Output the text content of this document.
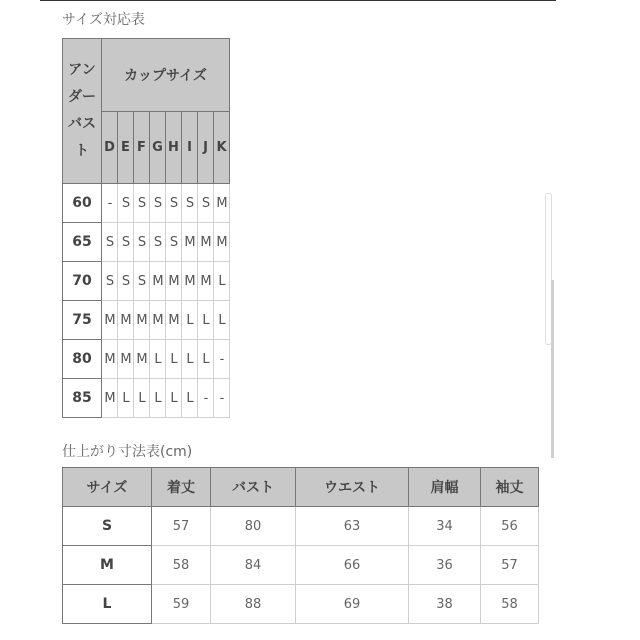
サイズ対応表
アン
ダー
バス
ト	カップサイズ							
	D	E	F	G	H	I	J	K
60	-	S	S	S	S	S	S	M
65	S	S	S	S	S	M	M	M
70	S	S	S	M	M	M	M	L
75	M	M	M	M	M	L	L	L
80	M	M	M	L	L	L	L	-
85	M	L	L	L	L	L	-	-
仕上がり寸法表(cm)
サイズ	着丈	バスト	ウエスト	肩幅	袖丈
S	57	80	63	34	56
M	58	84	66	36	57
L	59	88	69	38	58
